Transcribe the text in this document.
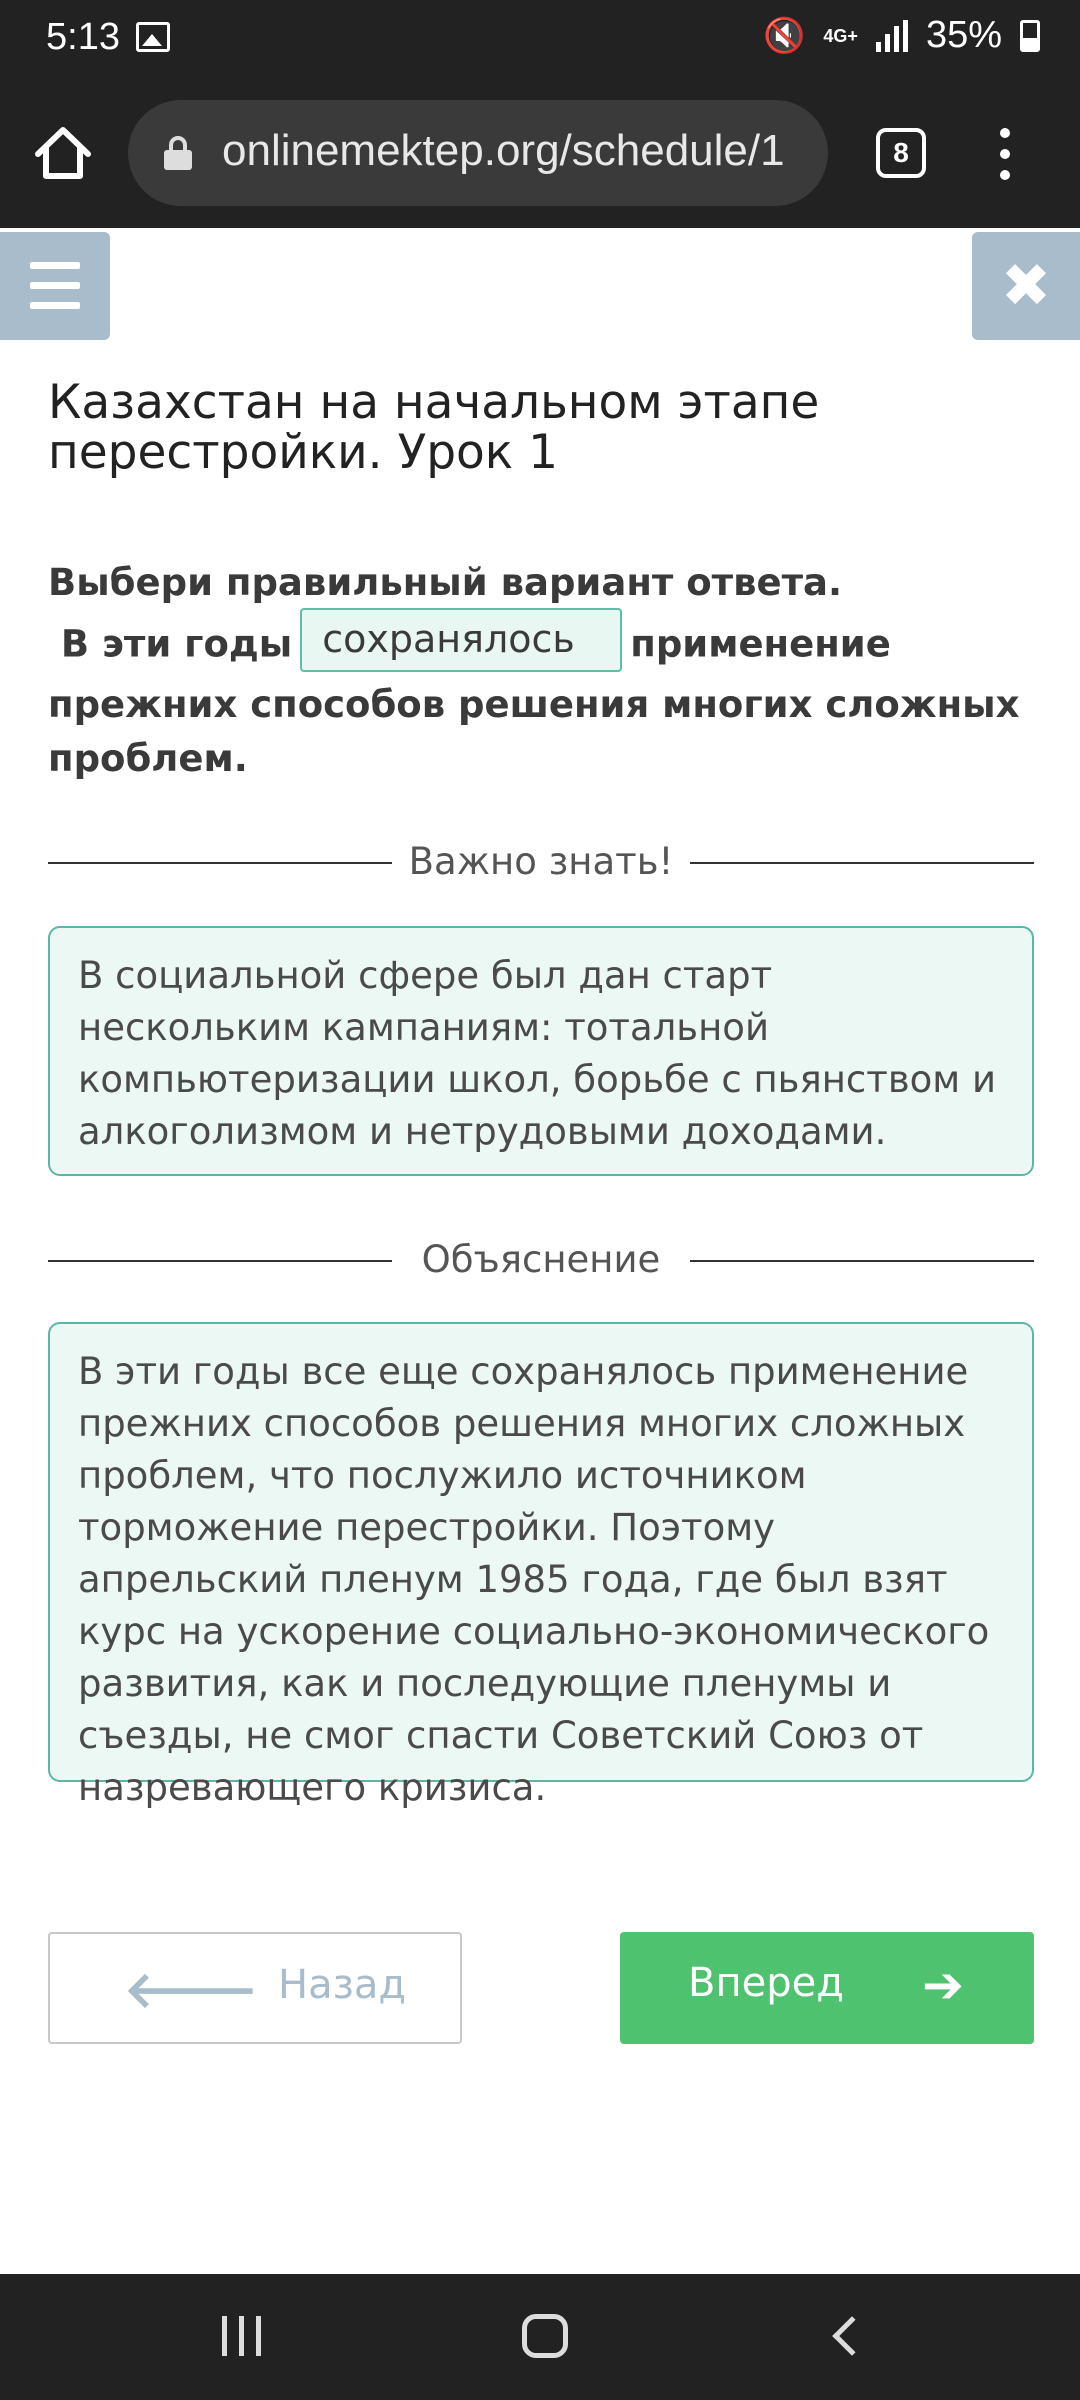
5:13	🔇 4G+ 35%
onlinemektep.org/schedule/1	8
✖
Казахстан на начальном этапе перестройки. Урок 1
Выбери правильный вариант ответа.
В эти годы сохранялось применение
прежних способов решения многих сложных
проблем.
Важно знать!

В социальной сфере был дан старт нескольким кампаниям: тотальной компьютеризации школ, борьбе с пьянством и алкоголизмом и нетрудовыми доходами.

Объяснение

В эти годы все еще сохранялось применение прежних способов решения многих сложных проблем, что послужило источником торможение перестройки. Поэтому апрельский пленум 1985 года, где был взят курс на ускорение социально-экономического развития, как и последующие пленумы и съезды, не смог спасти Советский Союз от назревающего кризиса.

🡐 Назад	Вперед ➔
